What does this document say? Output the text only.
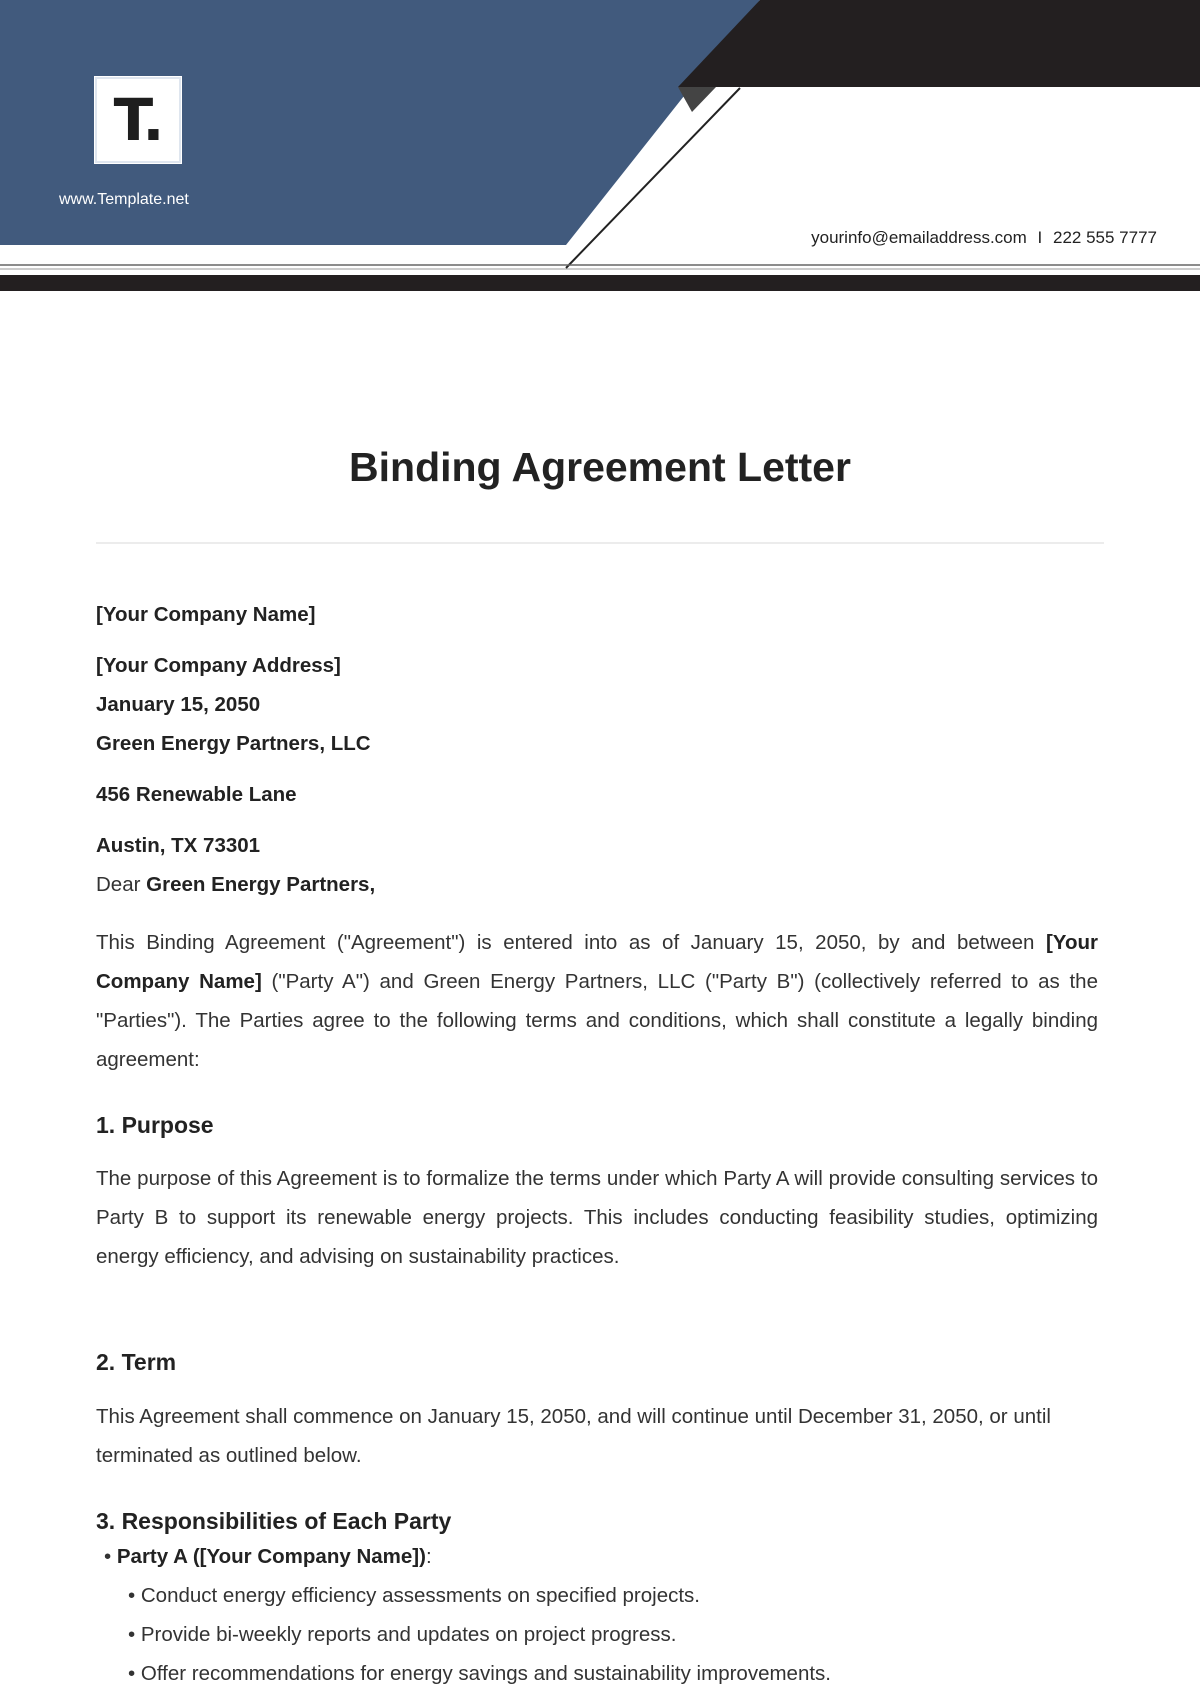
T.
www.Template.net
yourinfo@emailaddress.com I 222 555 7777
Binding Agreement Letter
[Your Company Name]
[Your Company Address]
January 15, 2050
Green Energy Partners, LLC
456 Renewable Lane
Austin, TX 73301
Dear Green Energy Partners,
This Binding Agreement ("Agreement") is entered into as of January 15, 2050, by and between [Your Company Name] ("Party A") and Green Energy Partners, LLC ("Party B") (collectively referred to as the "Parties"). The Parties agree to the following terms and conditions, which shall constitute a legally binding agreement:
1. Purpose
The purpose of this Agreement is to formalize the terms under which Party A will provide consulting services to Party B to support its renewable energy projects. This includes conducting feasibility studies, optimizing energy efficiency, and advising on sustainability practices.
2. Term
This Agreement shall commence on January 15, 2050, and will continue until December 31, 2050, or until terminated as outlined below.
3. Responsibilities of Each Party
• Party A ([Your Company Name]):
• Conduct energy efficiency assessments on specified projects.
• Provide bi-weekly reports and updates on project progress.
• Offer recommendations for energy savings and sustainability improvements.
